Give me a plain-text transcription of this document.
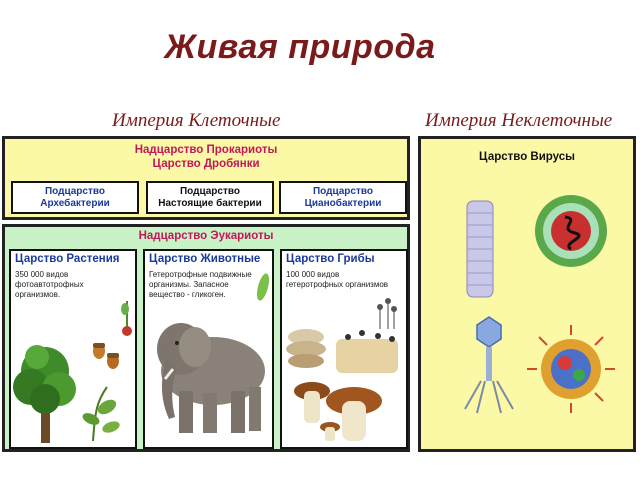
Живая природа
Империя Клеточные	Империя Неклеточные
Надцарство Прокариоты
Царство Дробянки
Подцарство
Архебактерии
Подцарство
Настоящие бактерии
Подцарство
Цианобактерии
Надцарство Эукариоты
Царство Растения
350 000 видов фотоавтотрофных организмов.
Царство Животные
Гетеротрофные подвижные организмы. Запасное вещество - гликоген.
Царство Грибы
100 000 видов гетеротрофных организмов
Царство Вирусы
